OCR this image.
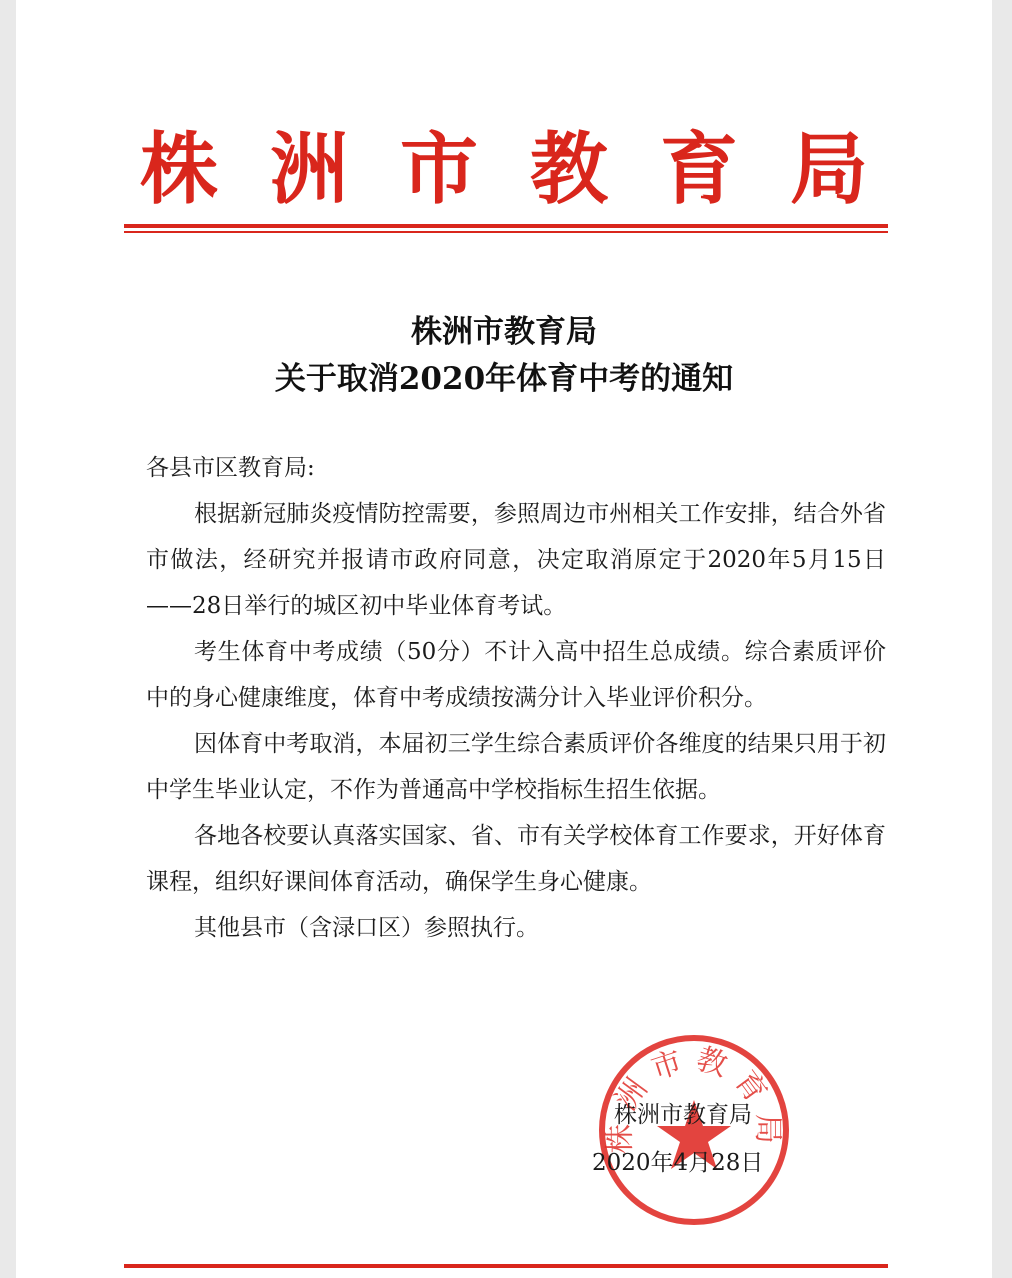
株洲市教育局
株洲市教育局
关于取消2020年体育中考的通知
各县市区教育局:

根据新冠肺炎疫情防控需要，参照周边市州相关工作安排，结合外省市做法，经研究并报请市政府同意，决定取消原定于2020年5月15日——28日举行的城区初中毕业体育考试。

考生体育中考成绩（50分）不计入高中招生总成绩。综合素质评价中的身心健康维度，体育中考成绩按满分计入毕业评价积分。

因体育中考取消，本届初三学生综合素质评价各维度的结果只用于初中学生毕业认定，不作为普通高中学校指标生招生依据。

各地各校要认真落实国家、省、市有关学校体育工作要求，开好体育课程，组织好课间体育活动，确保学生身心健康。

其他县市（含渌口区）参照执行。

株洲市教育局
株洲市教育局
2020年4月28日
